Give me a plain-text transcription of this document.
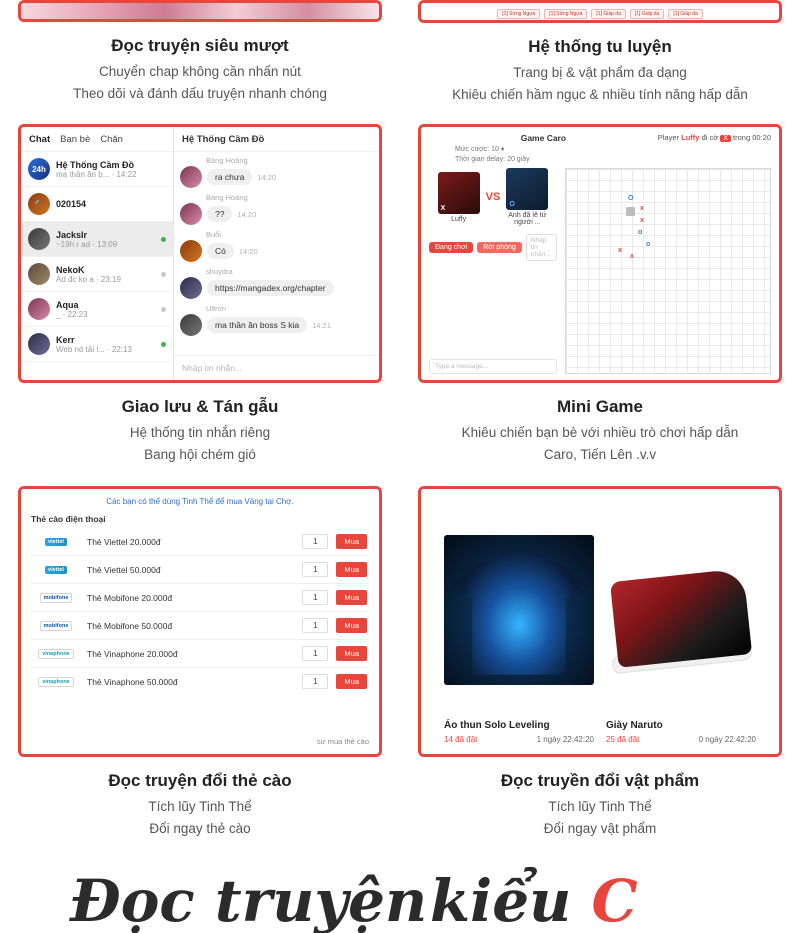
Đọc truyện siêu mượt

Chuyển chap không cần nhấn nút

Theo dõi và đánh dấu truyện nhanh chóng

[1] Sừng Ngựa	[1] Sừng Ngựa	[1] Giáp da	[1] Giáp da	[1] Giáp da
Hệ thống tu luyện

Trang bị & vật phẩm đa dạng

Khiêu chiến hầm ngục & nhiều tính năng hấp dẫn

Chat Bạn bè Chặn
24h	Hệ Thống Cầm Đồ
ma thần ăn b... · 14:22
🔨	020154
Jackslr
~19h r ad · 13:09
NekoK
Ad đc ko a · 23:19
Aqua
_ · 22:23
Kerr
Web nó tải l... · 22:13
Hệ Thống Cầm Đồ
Bàng Hoàng
ra chưa	14:20
Bàng Hoàng
??	14:20
Buổi
Có	14:20
shuydra
https://mangadex.org/chapter
Ultron
ma thần ăn boss S kia	14:21
Nhập tin nhắn...
Giao lưu & Tán gẫu

Hệ thống tin nhắn riêng

Bang hội chém gió

Game Caro
Mức cược: 10 ♦
Thời gian delay: 20 giây
Player Luffy đi cờ X trong 00:20
X
Luffy
VS
O
Anh đã lê tứ người ...
Đang chơi	Rời phòng
Nhập tin nhắn...
Type a message...
O
x
x
o
x
x
o
Mini Game

Khiêu chiến bạn bè với nhiều trò chơi hấp dẫn

Caro, Tiến Lên .v.v

Các bạn có thể dùng Tinh Thể để mua Vàng tại Chợ.
Thẻ cào điện thoại
viettel	Thẻ Viettel 20.000đ	1	Mua
viettel	Thẻ Viettel 50.000đ	1	Mua
mobifone	Thẻ Mobifone 20.000đ	1	Mua
mobifone	Thẻ Mobifone 50.000đ	1	Mua
vinaphone	Thẻ Vinaphone 20.000đ	1	Mua
vinaphone	Thẻ Vinaphone 50.000đ	1	Mua
sử mua thẻ cào
Đọc truyện đổi thẻ cào

Tích lũy Tinh Thể

Đổi ngay thẻ cào

Áo thun Solo Leveling
14 đã đặt	1 ngày 22:42:20
Giày Naruto
25 đã đặt	0 ngày 22:42:20
Đọc truyền đổi vật phẩm

Tích lũy Tinh Thể

Đổi ngay vật phẩm

Đọc truyện kiểu C
